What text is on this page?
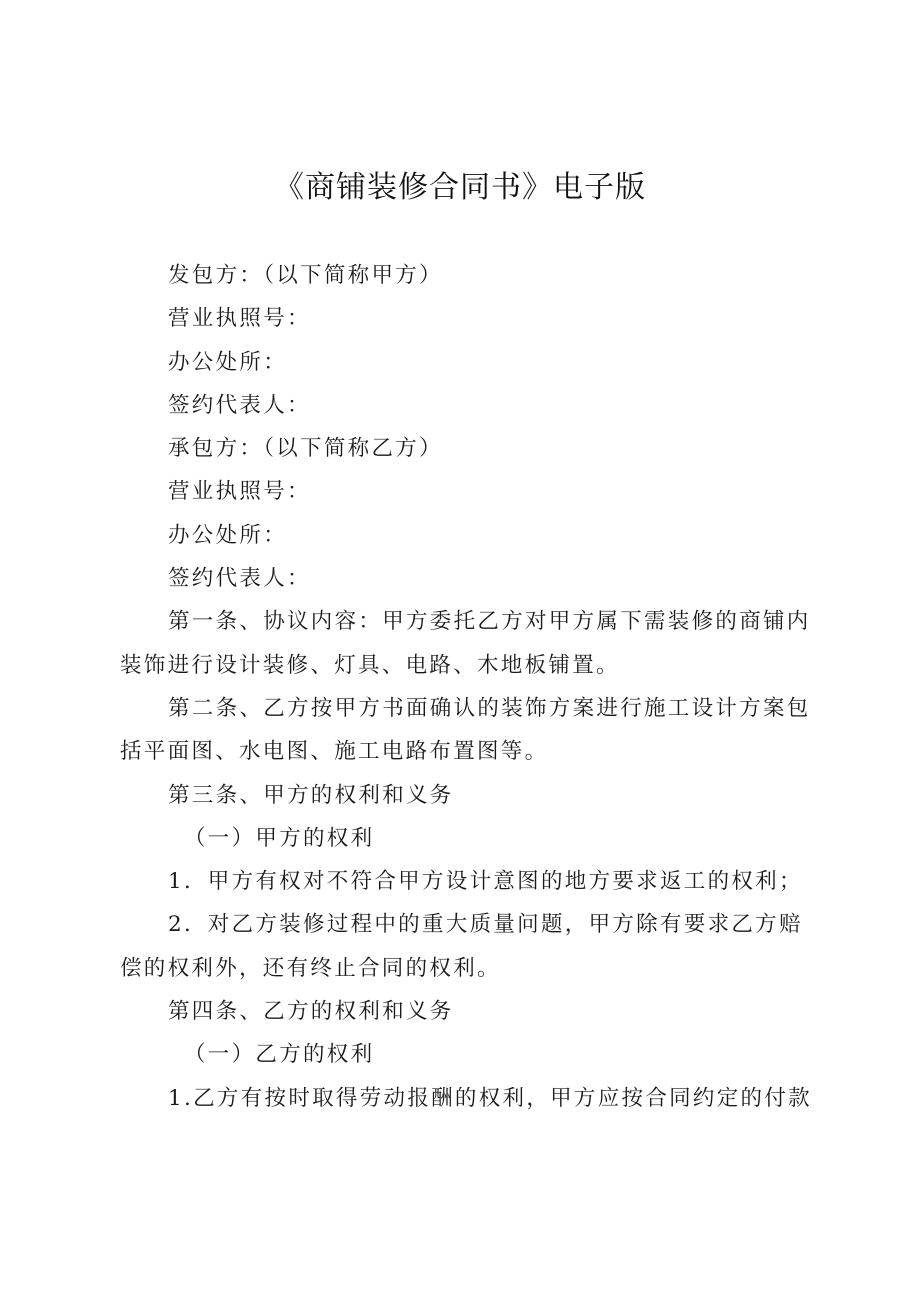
《商铺装修合同书》电子版

发包方：（以下简称甲方）

营业执照号：

办公处所：

签约代表人：

承包方：（以下简称乙方）

营业执照号：

办公处所：

签约代表人：

第一条、协议内容：甲方委托乙方对甲方属下需装修的商铺内装饰进行设计装修、灯具、电路、木地板铺置。

第二条、乙方按甲方书面确认的装饰方案进行施工设计方案包括平面图、水电图、施工电路布置图等。

第三条、甲方的权利和义务

（一）甲方的权利

1．甲方有权对不符合甲方设计意图的地方要求返工的权利；

2．对乙方装修过程中的重大质量问题，甲方除有要求乙方赔偿的权利外，还有终止合同的权利。

第四条、乙方的权利和义务

（一）乙方的权利

1.乙方有按时取得劳动报酬的权利，甲方应按合同约定的付款
